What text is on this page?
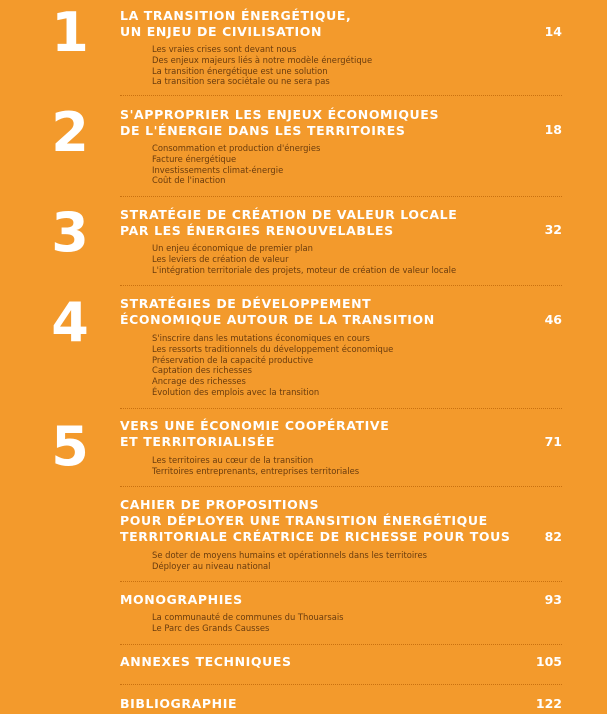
1 LA TRANSITION ÉNERGÉTIQUE,
UN ENJEU DE CIVILISATION	14
Les vraies crises sont devant nous
Des enjeux majeurs liés à notre modèle énergétique
La transition énergétique est une solution
La transition sera sociétale ou ne sera pas
2 S'APPROPRIER LES ENJEUX ÉCONOMIQUES
DE L'ÉNERGIE DANS LES TERRITOIRES	18
Consommation et production d'énergies
Facture énergétique
Investissements climat-énergie
Coût de l'inaction
3 STRATÉGIE DE CRÉATION DE VALEUR LOCALE
PAR LES ÉNERGIES RENOUVELABLES	32
Un enjeu économique de premier plan
Les leviers de création de valeur
L'intégration territoriale des projets, moteur de création de valeur locale
4 STRATÉGIES DE DÉVELOPPEMENT
ÉCONOMIQUE AUTOUR DE LA TRANSITION	46
S'inscrire dans les mutations économiques en cours
Les ressorts traditionnels du développement économique
Préservation de la capacité productive
Captation des richesses
Ancrage des richesses
Évolution des emplois avec la transition
5 VERS UNE ÉCONOMIE COOPÉRATIVE
ET TERRITORIALISÉE	71
Les territoires au cœur de la transition
Territoires entreprenants, entreprises territoriales
CAHIER DE PROPOSITIONS
POUR DÉPLOYER UNE TRANSITION ÉNERGÉTIQUE
TERRITORIALE CRÉATRICE DE RICHESSE POUR TOUS	82
Se doter de moyens humains et opérationnels dans les territoires
Déployer au niveau national
MONOGRAPHIES	93
La communauté de communes du Thouarsais
Le Parc des Grands Causses
ANNEXES TECHNIQUES	105
BIBLIOGRAPHIE	122
